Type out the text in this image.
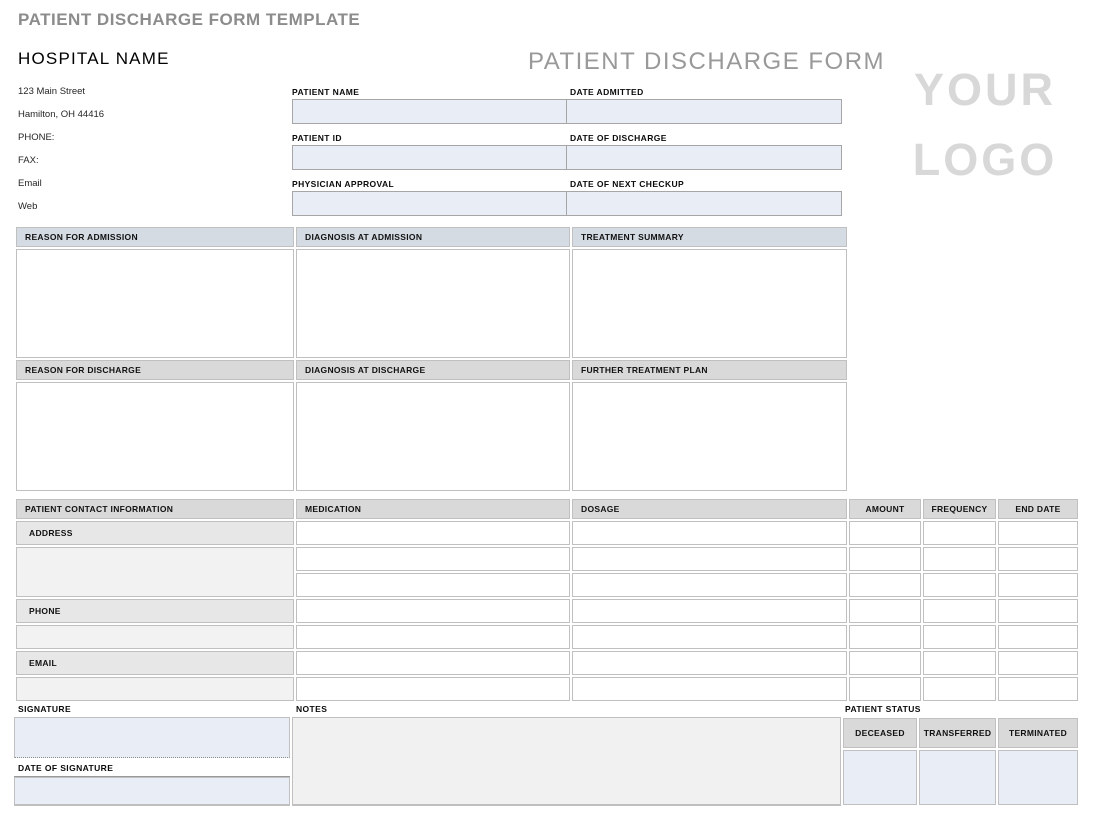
PATIENT DISCHARGE FORM TEMPLATE
HOSPITAL NAME
123 Main Street
Hamilton, OH 44416
PHONE:
FAX:
Email
Web
PATIENT DISCHARGE FORM
YOUR
LOGO
PATIENT NAME	DATE ADMITTED
PATIENT ID	DATE OF DISCHARGE
PHYSICIAN APPROVAL	DATE OF NEXT CHECKUP
REASON FOR ADMISSION	DIAGNOSIS AT ADMISSION	TREATMENT SUMMARY

REASON FOR DISCHARGE	DIAGNOSIS AT DISCHARGE	FURTHER TREATMENT PLAN

PATIENT CONTACT INFORMATION	MEDICATION	DOSAGE	AMOUNT	FREQUENCY	END DATE
ADDRESS					

PHONE					

EMAIL					

SIGNATURE
DATE OF SIGNATURE
NOTES	PATIENT STATUS
DECEASED	TRANSFERRED	TERMINATED
